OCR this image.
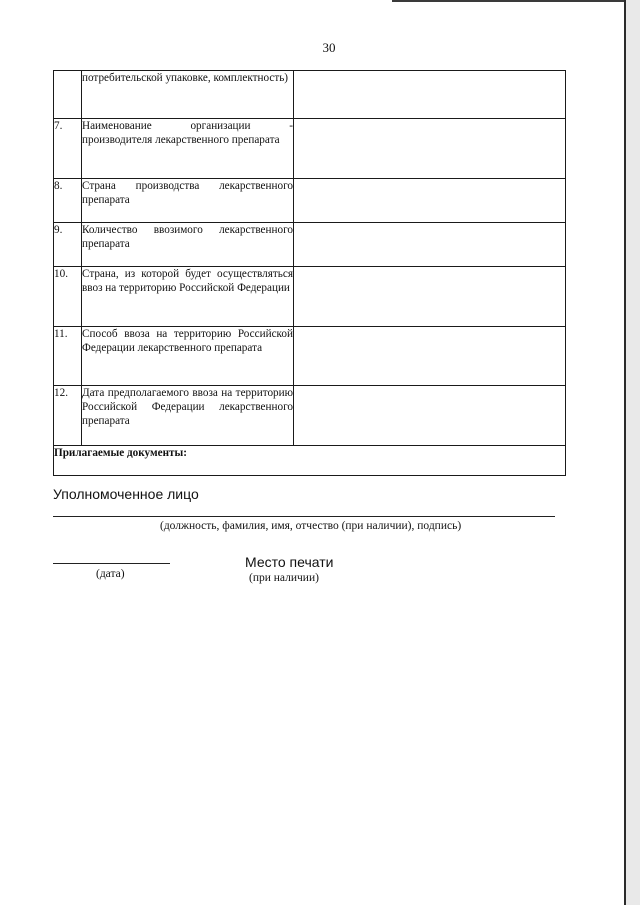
30
	потребительской упаковке, комплектность)	
7.	Наименование организации - производителя лекарственного препарата	
8.	Страна производства лекарственного препарата	
9.	Количество ввозимого лекарственного препарата	
10.	Страна, из которой будет осуществляться ввоз на территорию Российской Федерации	
11.	Способ ввоза на территорию Российской Федерации лекарственного препарата	
12.	Дата предполагаемого ввоза на территорию Российской Федерации лекарственного препарата	
Прилагаемые документы:		
Уполномоченное лицо
(должность, фамилия, имя, отчество (при наличии), подпись)
(дата)
Место печати
(при наличии)
